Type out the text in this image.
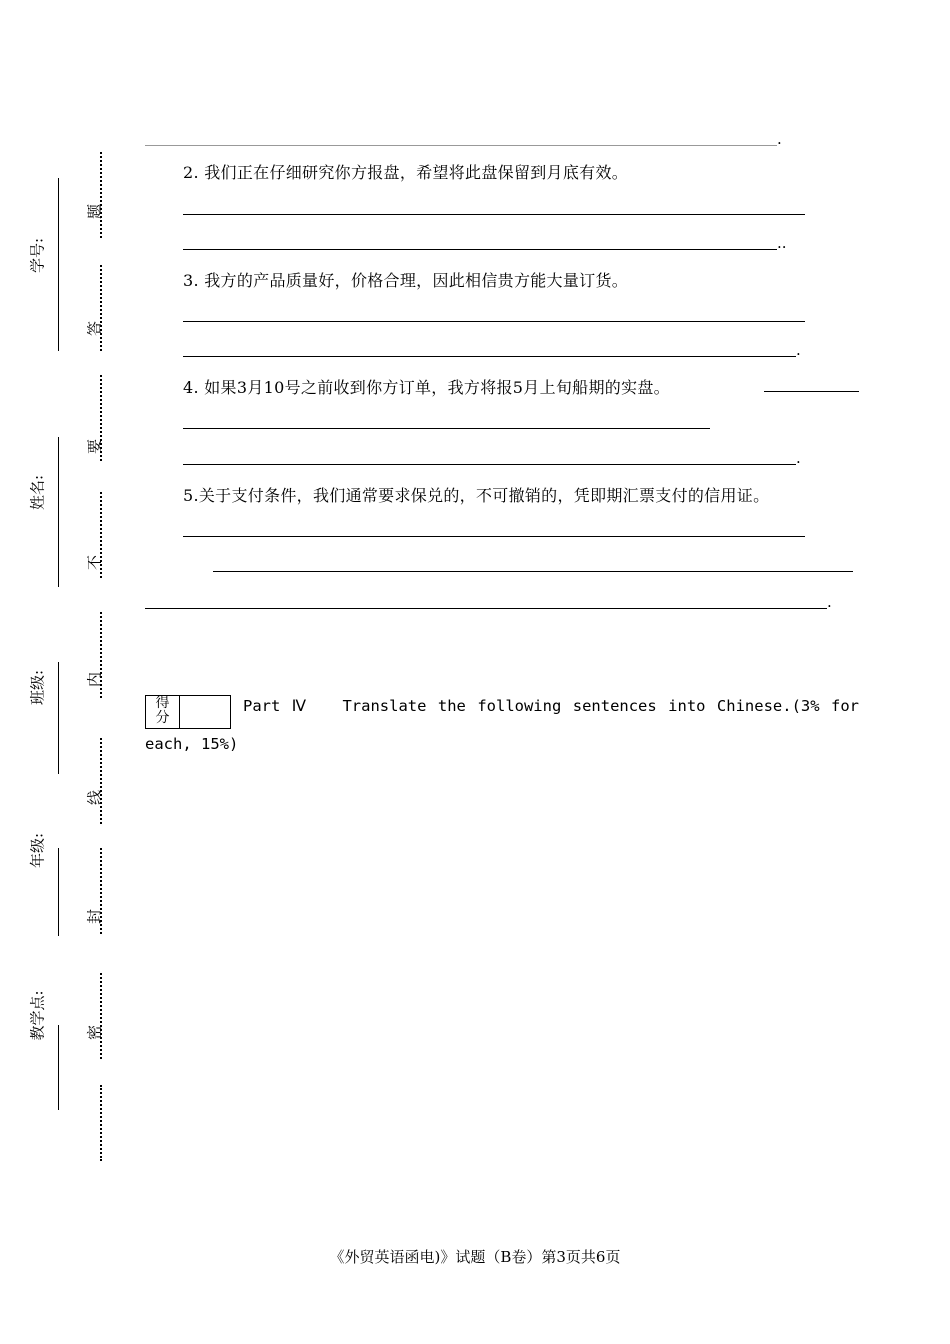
学号:
姓名:
班级:
年级:
教学点:
题
答
要
不
内
线
封
密
.
2. 我们正在仔细研究你方报盘，希望将此盘保留到月底有效。
..
3. 我方的产品质量好，价格合理，因此相信贵方能大量订货。
.
4. 如果3月10号之前收到你方订单，我方将报5月上旬船期的实盘。
.
5.关于支付条件，我们通常要求保兑的，不可撤销的，凭即期汇票支付的信用证。
.
得
分
Part Ⅳ   Translate the following sentences into Chinese.(3% for
each, 15%)
《外贸英语函电)》试题（B卷）第3页共6页
